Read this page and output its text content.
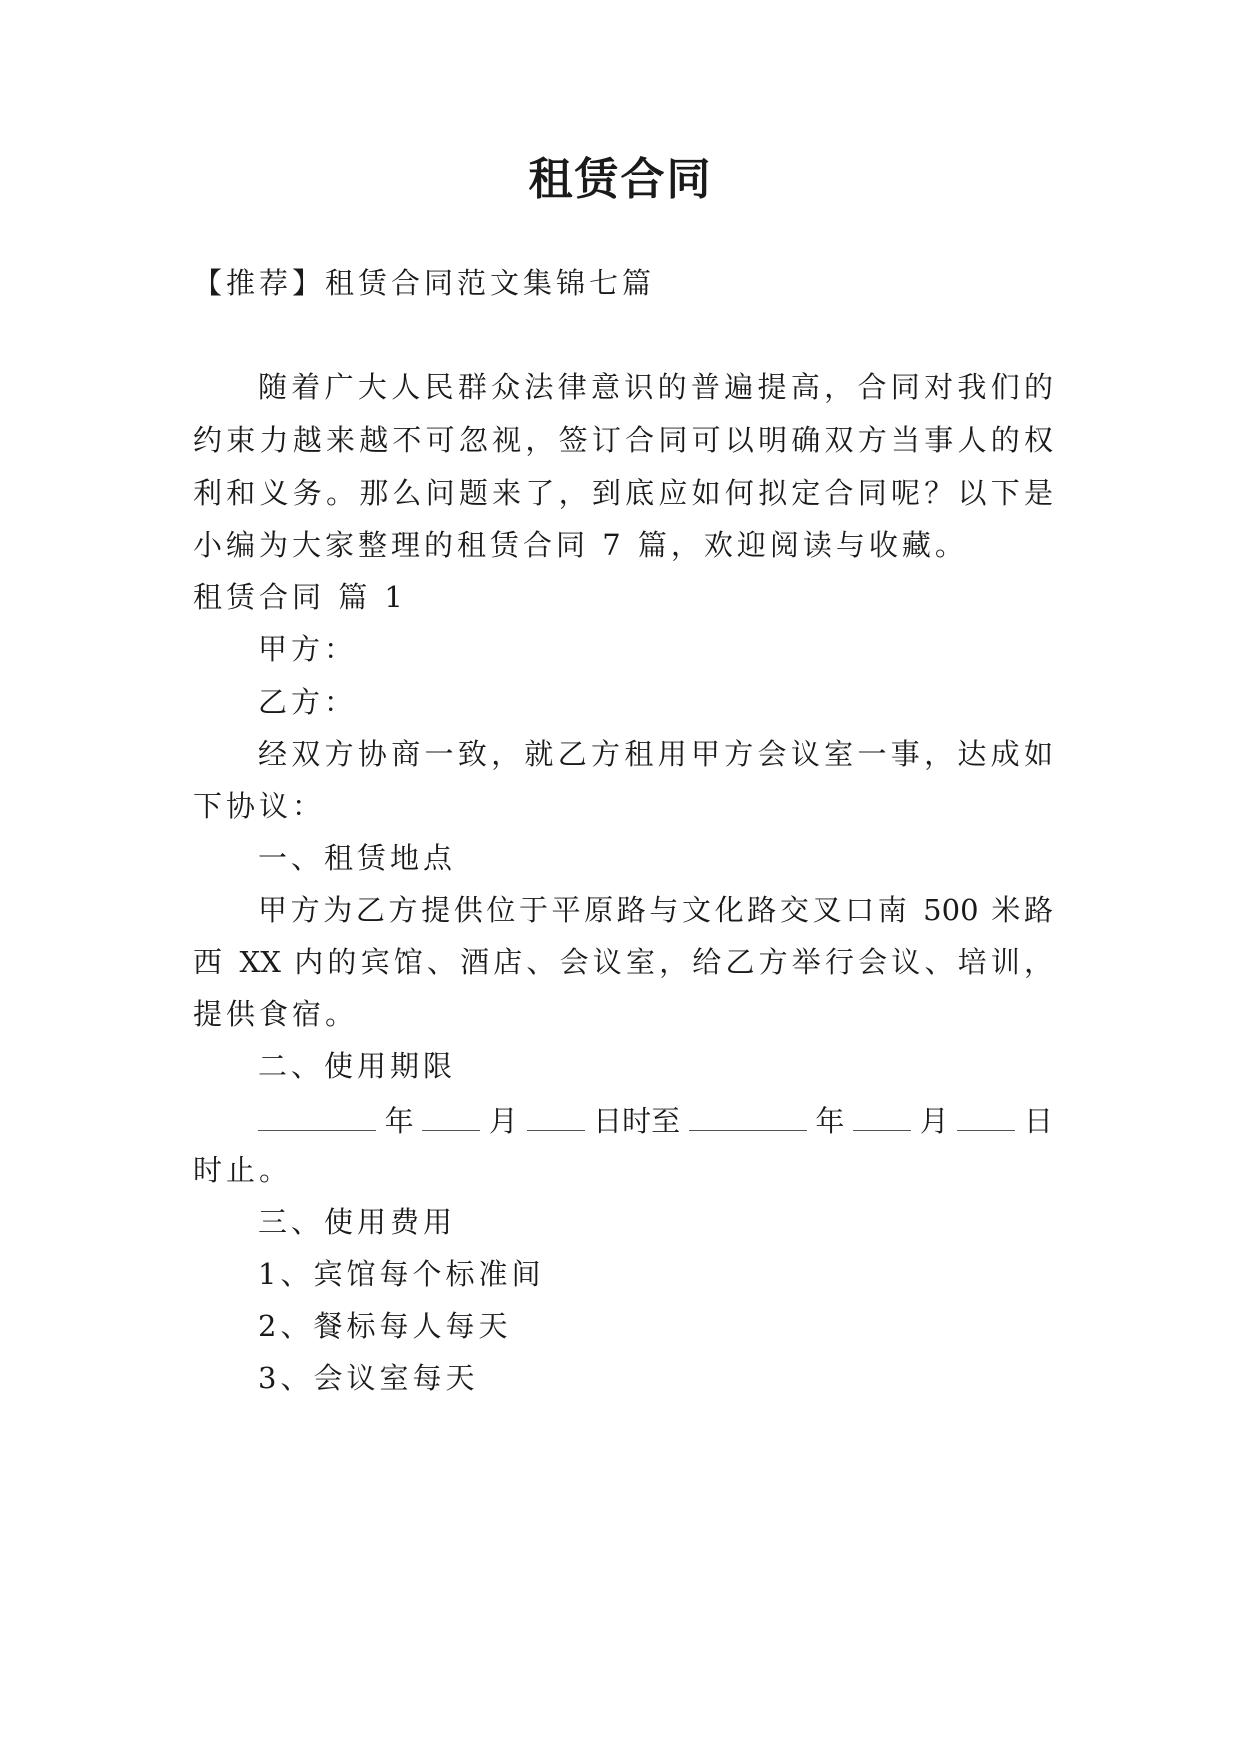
租赁合同
【推荐】租赁合同范文集锦七篇
随着广大人民群众法律意识的普遍提高，合同对我们的
约束力越来越不可忽视，签订合同可以明确双方当事人的权
利和义务。那么问题来了，到底应如何拟定合同呢？以下是
小编为大家整理的租赁合同 7 篇，欢迎阅读与收藏。
租赁合同 篇 1
甲方：
乙方：
经双方协商一致，就乙方租用甲方会议室一事，达成如
下协议：
一、租赁地点
甲方为乙方提供位于平原路与文化路交叉口南 500 米路
西 XX 内的宾馆、酒店、会议室，给乙方举行会议、培训，
提供食宿。
二、使用期限
年	月	日时至	年	月	日
时止。
三、使用费用
1、宾馆每个标准间
2、餐标每人每天
3、会议室每天
